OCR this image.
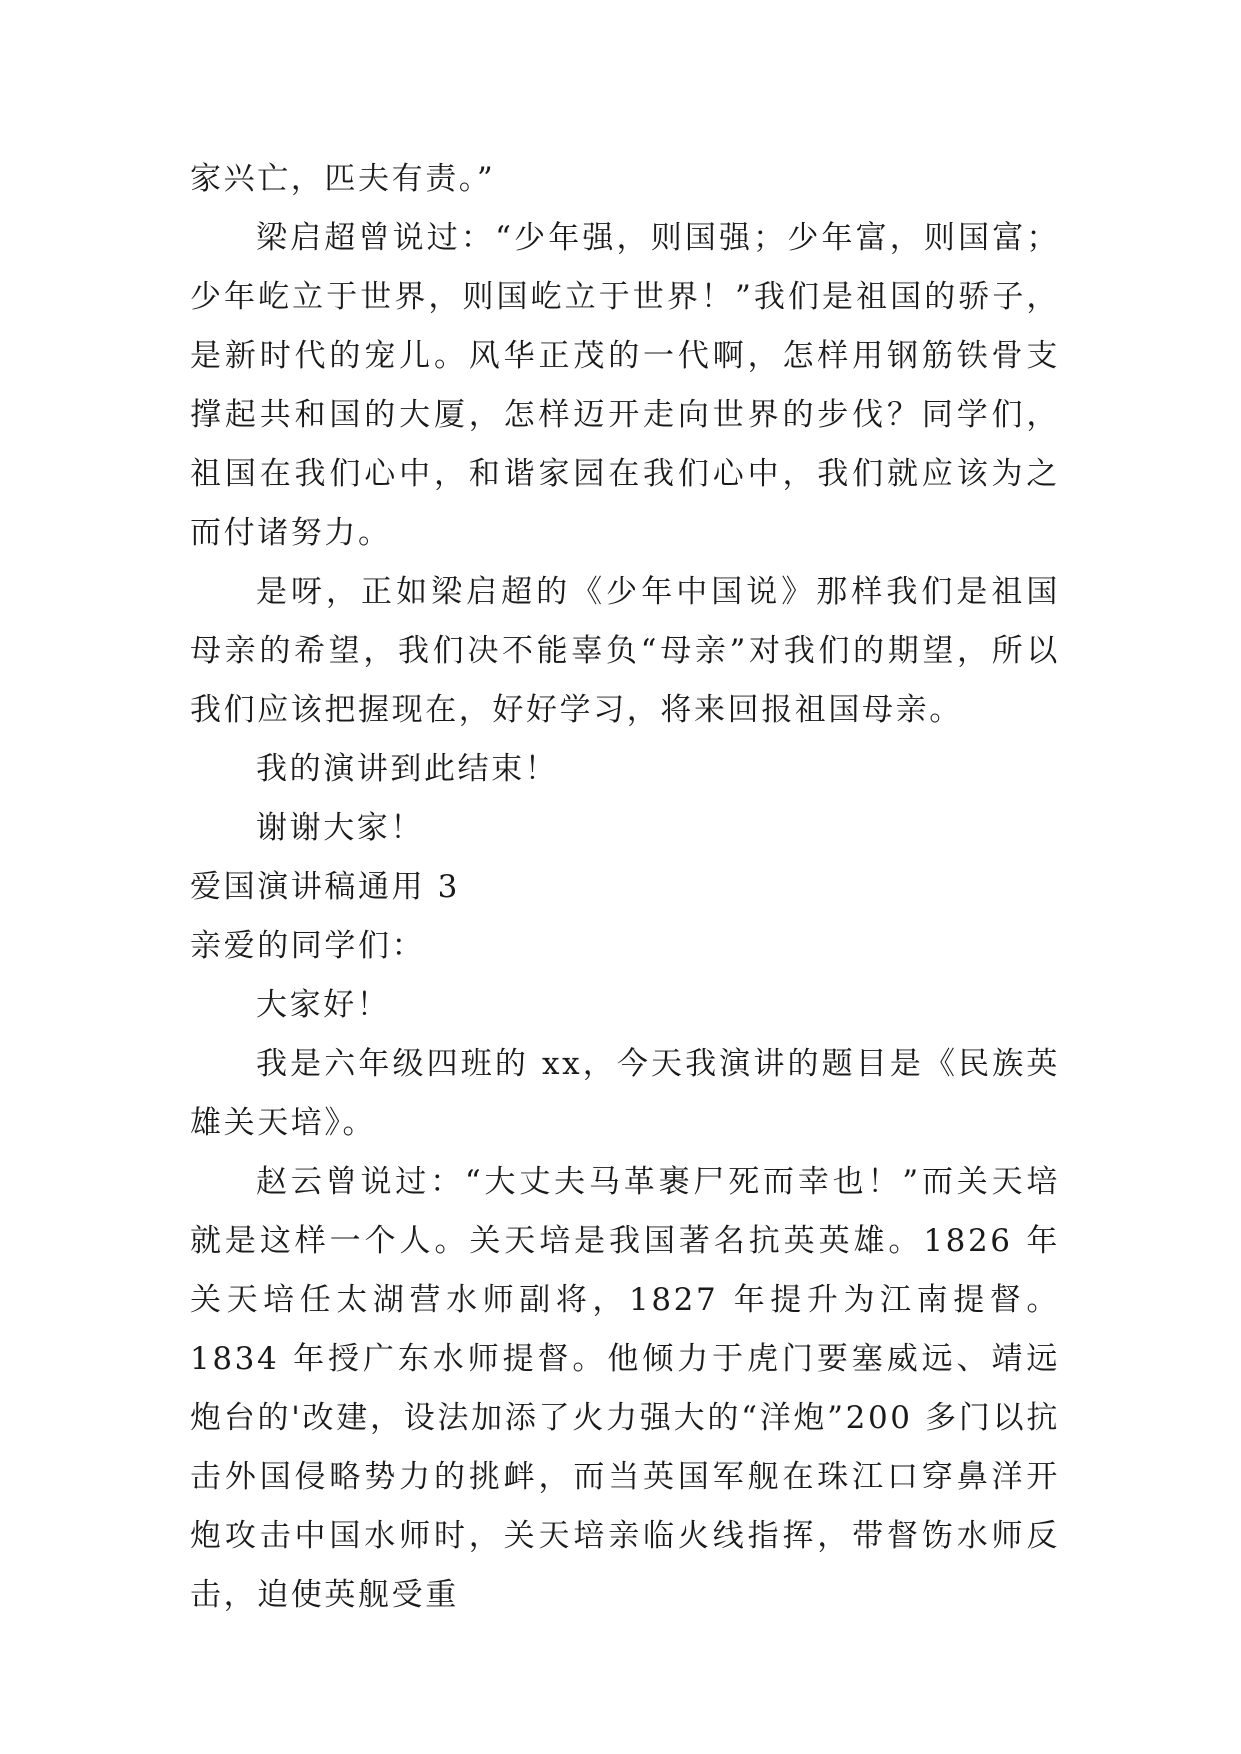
家兴亡，匹夫有责。”

梁启超曾说过：“少年强，则国强；少年富，则国富；少年屹立于世界，则国屹立于世界！”我们是祖国的骄子，是新时代的宠儿。风华正茂的一代啊，怎样用钢筋铁骨支撑起共和国的大厦，怎样迈开走向世界的步伐？同学们，祖国在我们心中，和谐家园在我们心中，我们就应该为之而付诸努力。

是呀，正如梁启超的《少年中国说》那样我们是祖国母亲的希望，我们决不能辜负“母亲”对我们的期望，所以我们应该把握现在，好好学习，将来回报祖国母亲。

我的演讲到此结束！

谢谢大家！

爱国演讲稿通用 3

亲爱的同学们：

大家好！

我是六年级四班的 xx，今天我演讲的题目是《民族英雄关天培》。

赵云曾说过：“大丈夫马革裹尸死而幸也！”而关天培就是这样一个人。关天培是我国著名抗英英雄。1826 年关天培任太湖营水师副将，1827 年提升为江南提督。1834 年授广东水师提督。他倾力于虎门要塞威远、靖远炮台的'改建，设法加添了火力强大的“洋炮”200 多门以抗击外国侵略势力的挑衅，而当英国军舰在珠江口穿鼻洋开炮攻击中国水师时，关天培亲临火线指挥，带督饬水师反击，迫使英舰受重
